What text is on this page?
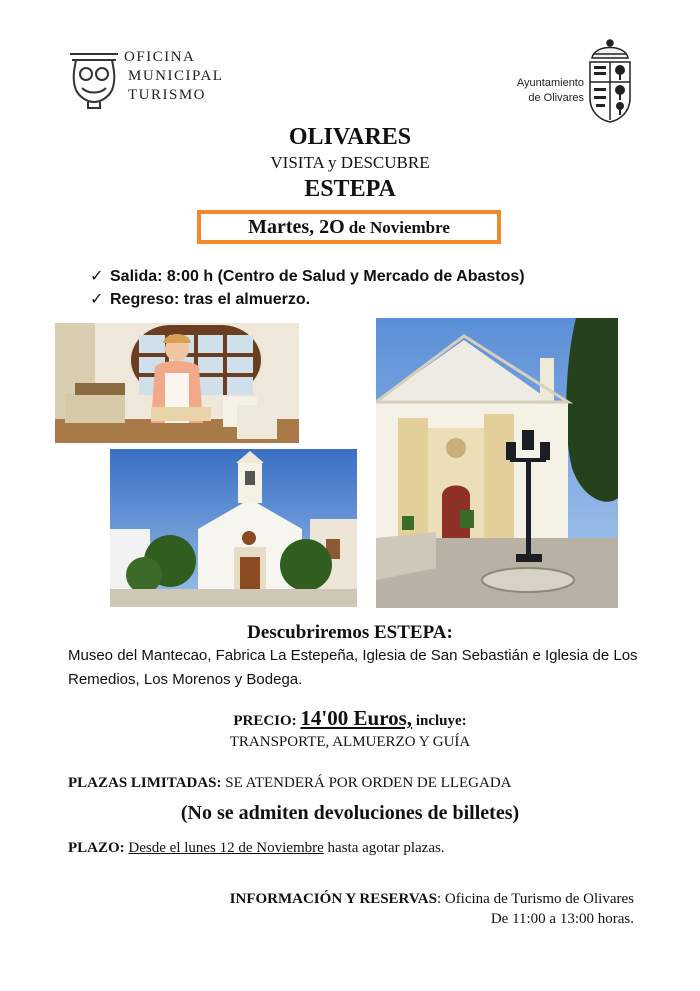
OFICINA
MUNICIPAL
TURISMO
Ayuntamiento
de Olivares
OLIVARES
VISITA y DESCUBRE
ESTEPA
Martes, 2O de Noviembre
✓ Salida: 8:00 h (Centro de Salud y Mercado de Abastos)
✓ Regreso: tras el almuerzo.
Descubriremos ESTEPA:
Museo del Mantecao, Fabrica La Estepeña, Iglesia de San Sebastián e Iglesia de Los Remedios, Los Morenos y Bodega.
PRECIO: 14'00 Euros, incluye:
TRANSPORTE, ALMUERZO Y GUÍA
PLAZAS LIMITADAS: SE ATENDERÁ POR ORDEN DE LLEGADA
(No se admiten devoluciones de billetes)
PLAZO: Desde el lunes 12 de Noviembre hasta agotar plazas.
INFORMACIÓN Y RESERVAS: Oficina de Turismo de Olivares
De 11:00 a 13:00 horas.
